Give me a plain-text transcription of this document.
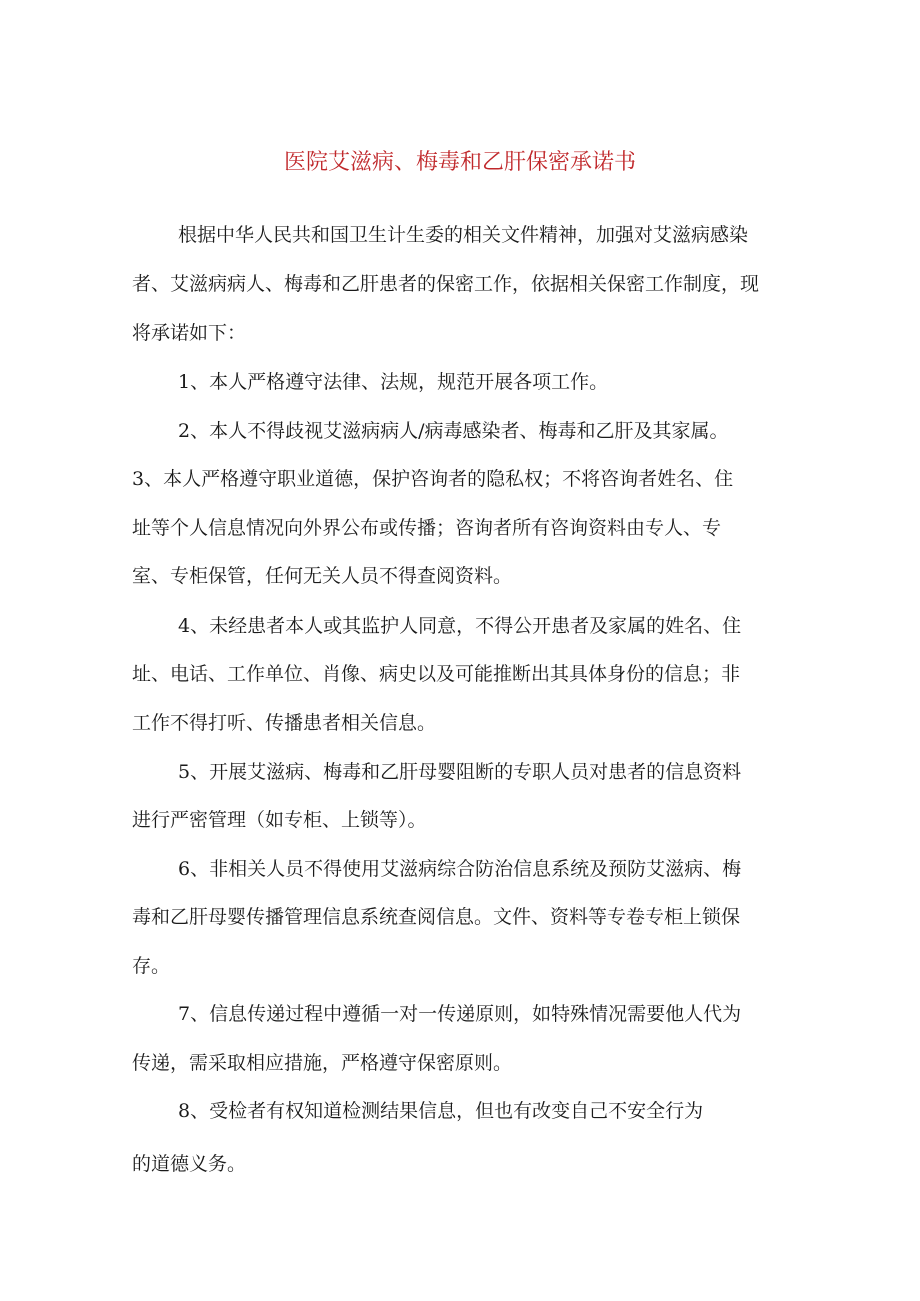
医院艾滋病、梅毒和乙肝保密承诺书
根据中华人民共和国卫生计生委的相关文件精神，加强对艾滋病感染
者、艾滋病病人、梅毒和乙肝患者的保密工作，依据相关保密工作制度，现
将承诺如下：
1、本人严格遵守法律、法规，规范开展各项工作。
2、本人不得歧视艾滋病病人/病毒感染者、梅毒和乙肝及其家属。
3、本人严格遵守职业道德，保护咨询者的隐私权；不将咨询者姓名、住
址等个人信息情况向外界公布或传播；咨询者所有咨询资料由专人、专
室、专柜保管，任何无关人员不得查阅资料。
4、未经患者本人或其监护人同意，不得公开患者及家属的姓名、住
址、电话、工作单位、肖像、病史以及可能推断出其具体身份的信息；非
工作不得打听、传播患者相关信息。
5、开展艾滋病、梅毒和乙肝母婴阻断的专职人员对患者的信息资料
进行严密管理（如专柜、上锁等）。
6、非相关人员不得使用艾滋病综合防治信息系统及预防艾滋病、梅
毒和乙肝母婴传播管理信息系统查阅信息。文件、资料等专卷专柜上锁保
存。
7、信息传递过程中遵循一对一传递原则，如特殊情况需要他人代为
传递，需采取相应措施，严格遵守保密原则。
8、受检者有权知道检测结果信息，但也有改变自己不安全行为
的道德义务。
